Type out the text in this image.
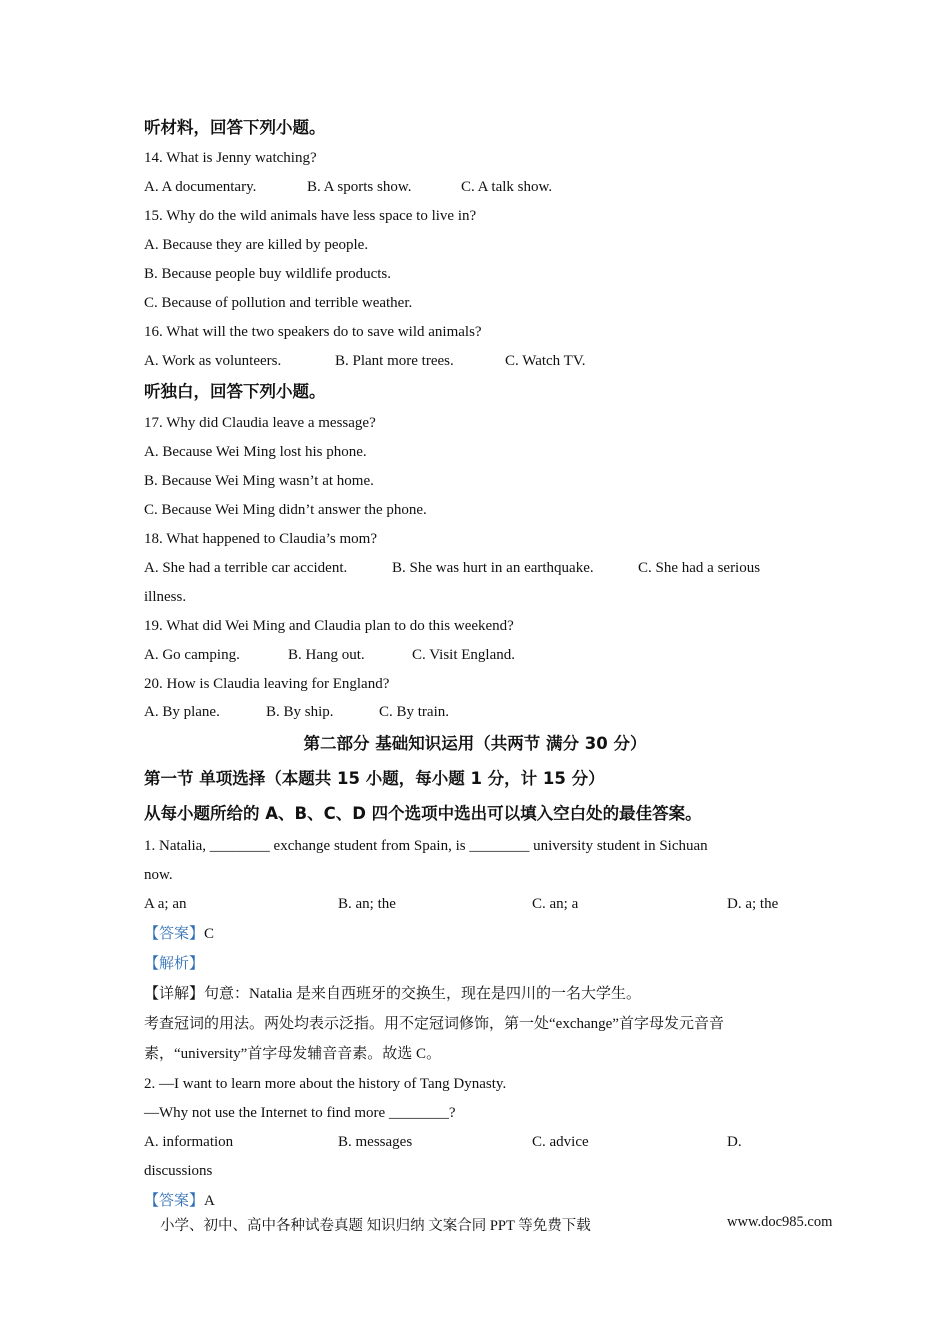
听材料，回答下列小题。
14. What is Jenny watching?
A. A documentary.	B. A sports show.	C. A talk show.
15. Why do the wild animals have less space to live in?
A. Because they are killed by people.
B. Because people buy wildlife products.
C. Because of pollution and terrible weather.
16. What will the two speakers do to save wild animals?
A. Work as volunteers.	B. Plant more trees.	C. Watch TV.
听独白，回答下列小题。
17. Why did Claudia leave a message?
A. Because Wei Ming lost his phone.
B. Because Wei Ming wasn’t at home.
C. Because Wei Ming didn’t answer the phone.
18. What happened to Claudia’s mom?
A. She had a terrible car accident.	B. She was hurt in an earthquake.	C. She had a serious
illness.
19. What did Wei Ming and Claudia plan to do this weekend?
A. Go camping.	B. Hang out.	C. Visit England.
20. How is Claudia leaving for England?
A. By plane.	B. By ship.	C. By train.
第二部分 基础知识运用（共两节 满分 30 分）
第一节 单项选择（本题共 15 小题，每小题 1 分，计 15 分）
从每小题所给的 A、B、C、D 四个选项中选出可以填入空白处的最佳答案。
1. Natalia, ________ exchange student from Spain, is ________ university student in Sichuan
now.
A a; an	B. an; the	C. an; a	D. a; the
【答案】C
【解析】
【详解】句意：Natalia 是来自西班牙的交换生，现在是四川的一名大学生。
考查冠词的用法。两处均表示泛指。用不定冠词修饰，第一处“exchange”首字母发元音音
素，“university”首字母发辅音音素。故选 C。
2. —I want to learn more about the history of Tang Dynasty.
—Why not use the Internet to find more ________?
A. information	B. messages	C. advice	D.
discussions
【答案】A
小学、初中、高中各种试卷真题 知识归纳 文案合同 PPT 等免费下载	www.doc985.com
